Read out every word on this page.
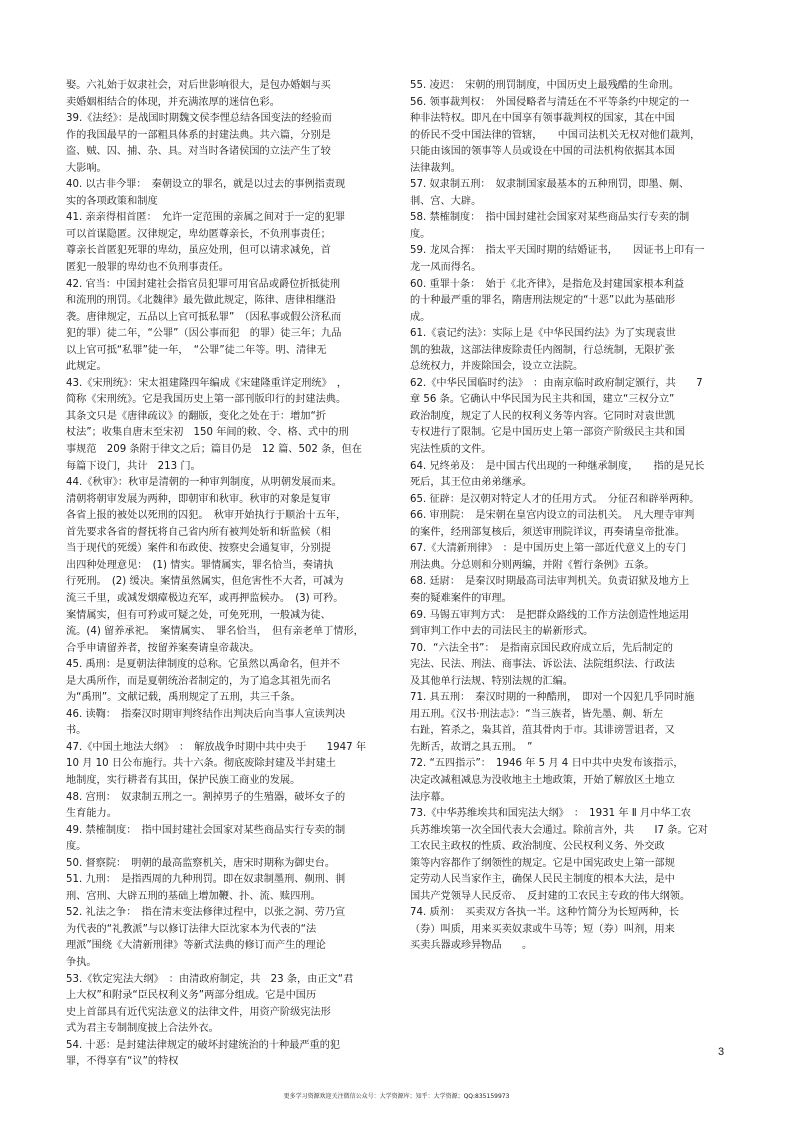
娶。六礼始于奴隶社会，对后世影响很大，是包办婚姻与买
卖婚姻相结合的体现，并充满浓厚的迷信色彩。
39.《法经》：是战国时期魏文侯李悝总结各国变法的经验而
作的我国最早的一部粗具体系的封建法典。共六篇，分别是
盗、贼、囚、捕、杂、具。对当时各诸侯国的立法产生了较
大影响。
40. 以古非今罪：　秦朝设立的罪名，就是以过去的事例指责现
实的各项政策和制度
41. 亲亲得相首匿：　允许一定范围的亲属之间对于一定的犯罪
可以首谋隐匿。汉律规定，卑幼匿尊亲长，不负刑事责任；
尊亲长首匿犯死罪的卑幼，虽应处刑，但可以请求减免，首
匿犯一般罪的卑幼也不负刑事责任。
42. 官当：中国封建社会指官员犯罪可用官品或爵位折抵徒刑
和流刑的刑罚。《北魏律》最先做此规定，陈律、唐律相继沿
袭。唐律规定，五品以上官可抵私罪”　（因私事或假公济私而
犯的罪）徒二年，“公罪”（因公事而犯　的罪）徒三年；九品
以上官可抵“私罪”徒一年，　“公罪”徒二年等。明、清律无
此规定。
43.《宋刑统》：宋太祖建隆四年编成《宋建隆重详定刑统》　，
简称《宋刑统》。它是我国历史上第一部刊版印行的封建法典。
其条文只是《唐律疏议》的翻版，变化之处在于：增加“折
杖法”；收集自唐末至宋初　150 年间的敕、令、格、式中的刑
事规范　209 条附于律文之后；篇目仍是　12 篇、502 条，但在
每篇下设门，共计　213 门。
44.《秋审》：秋审是清朝的一种审判制度，从明朝发展而来。
清朝将朝审发展为两种，即朝审和秋审。秋审的对象是复审
各省上报的被处以死刑的囚犯。　秋审开始执行于顺治十五年，
首先要求各省的督抚将自己省内所有被判处斩和斩监候（相
当于现代的死缓）案件和布政使、按察史会通复审，分别提
出四种处理意见：　(1) 情实。罪情属实，罪名恰当，奏请执
行死刑。　(2) 缓决。案情虽然属实，但危害性不大者，可减为
流三千里，或减发烟瘴极边充军，或再押监候办。　(3) 可矜。
案情属实，但有可矜或可疑之处，可免死刑，一般减为徒、
流。(4) 留养承祀。　案情属实、　罪名恰当，　但有亲老单丁情形，
合乎申请留养者，按留养案奏请皇帝裁决。
45. 禹刑：是夏朝法律制度的总称。它虽然以禹命名，但并不
是大禹所作，而是夏朝统治者制定的，为了追念其祖先而名
为“禹刑”。文献记载，禹刑规定了五刑，共三千条。
46. 读鞫：　指秦汉时期审判终结作出判决后向当事人宣读判决
书。
47.《中国土地法大纲》　：　解放战争时期中共中央于　　1947 年
10 月 10 日公布施行。共十六条。彻底废除封建及半封建土
地制度，实行耕者有其田，保护民族工商业的发展。
48. 宫刑：　奴隶制五刑之一。割掉男子的生殖器，破坏女子的
生育能力。
49. 禁榷制度：　指中国封建社会国家对某些商品实行专卖的制
度。
50. 督察院：　明朝的最高监察机关，唐宋时期称为御史台。
51. 九刑：　是指西周的九种刑罚。即在奴隶制墨刑、劓刑、剕
刑、宫刑、大辟五刑的基础上增加鞭、扑、流、赎四刑。
52. 礼法之争：　指在清末变法修律过程中，以张之洞、劳乃宣
为代表的“礼教派”与以修订法律大臣沈家本为代表的“法
理派”围绕《大清新刑律》等新式法典的修订而产生的理论
争执。
53.《钦定宪法大纲》　：由清政府制定，共　23 条，由正文“君
上大权”和附录“臣民权利义务”两部分组成。它是中国历
史上首部具有近代宪法意义的法律文件，用资产阶级宪法形
式为君主专制制度披上合法外衣。
54. 十恶：是封建法律规定的破坏封建统治的十种最严重的犯
罪，不得享有“议”的特权
55. 凌迟：　宋朝的刑罚制度，中国历史上最残酷的生命刑。
56. 领事裁判权：　外国侵略者与清廷在不平等条约中规定的一
种非法特权。即凡在中国享有领事裁判权的国家，其在中国
的侨民不受中国法律的管辖，　　中国司法机关无权对他们裁判，
只能由该国的领事等人员或设在中国的司法机构依据其本国
法律裁判。
57. 奴隶制五刑：　奴隶制国家最基本的五种刑罚，即墨、劓、
剕、宫、大辟。
58. 禁榷制度：　指中国封建社会国家对某些商品实行专卖的制
度。
59. 龙凤合挥：　指太平天国时期的结婚证书，　　因证书上印有一
龙一凤而得名。
60. 重罪十条：　始于《北齐律》，是指危及封建国家根本利益
的十种最严重的罪名，隋唐刑法规定的“十恶”以此为基础形
成。
61.《袁记约法》：实际上是《中华民国约法》为了实现袁世
凯的独裁，这部法律废除责任内阁制，行总统制，无限扩张
总统权力，并废除国会，设立立法院。
62.《中华民国临时约法》　：由南京临时政府制定颁行，共　　7
章 56 条。它确认中华民国为民主共和国，建立“三权分立”
政治制度，规定了人民的权利义务等内容。它同时对袁世凯
专权进行了限制。它是中国历史上第一部资产阶级民主共和国
宪法性质的文件。
64. 兄终弟及：　是中国古代出现的一种继承制度，　　指的是兄长
死后，其王位由弟弟继承。
65. 征辟：是汉朝对特定人才的任用方式。　分征召和辟举两种。
66. 审刑院：　是宋朝在皇宫内设立的司法机关。　凡大理寺审判
的案件，经刑部复核后，须送审刑院详议，再奏请皇帝批准。
67.《大清新刑律》　：是中国历史上第一部近代意义上的专门
刑法典。分总则和分则两编，并附《暂行条例》五条。
68. 廷尉：　是秦汉时期最高司法审判机关。负责诏狱及地方上
奏的疑难案件的审理。
69. 马锡五审判方式：　是把群众路线的工作方法创造性地运用
到审判工作中去的司法民主的崭新形式。
70．“六法全书”：　是指南京国民政府成立后，先后制定的
宪法、民法、刑法、商事法、诉讼法、法院组织法、行政法
及其他单行法规、特别法规的汇编。
71. 具五刑：　秦汉时期的一种酷刑，　即对一个囚犯几乎同时施
用五刑。《汉书·刑法志》：“当三族者，皆先墨、劓、斩左
右趾，笞杀之，枭其首，菹其骨肉于市。其诽谤詈诅者，又
先断舌，故谓之具五刑。　”
72. “五四指示”：　1946 年 5 月 4 日中共中央发布该指示，
决定改减租减息为没收地主土地政策，开始了解放区土地立
法序幕。
73.《中华苏维埃共和国宪法大纲》　：　1931 年 Ⅱ 月中华工农
兵苏维埃第一次全国代表大会通过。除前言外，共　　Ⅰ7 条。它对
工农民主政权的性质、政治制度、公民权利义务、外交政
策等内容都作了纲领性的规定。它是中国宪政史上第一部规
定劳动人民当家作主，确保人民民主制度的根本大法，是中
国共产党领导人民反帝、　反封建的工农民主专政的伟大纲领。
74. 质剂：　买卖双方各执一半。这种竹简分为长短两种，长
（券）叫质，用来买卖奴隶或牛马等；短（券）叫剂，用来
买卖兵器或珍异物品　　。
3
更多学习资源欢迎关注微信公众号：大学资源库；知乎：大学资源；QQ:835159973
